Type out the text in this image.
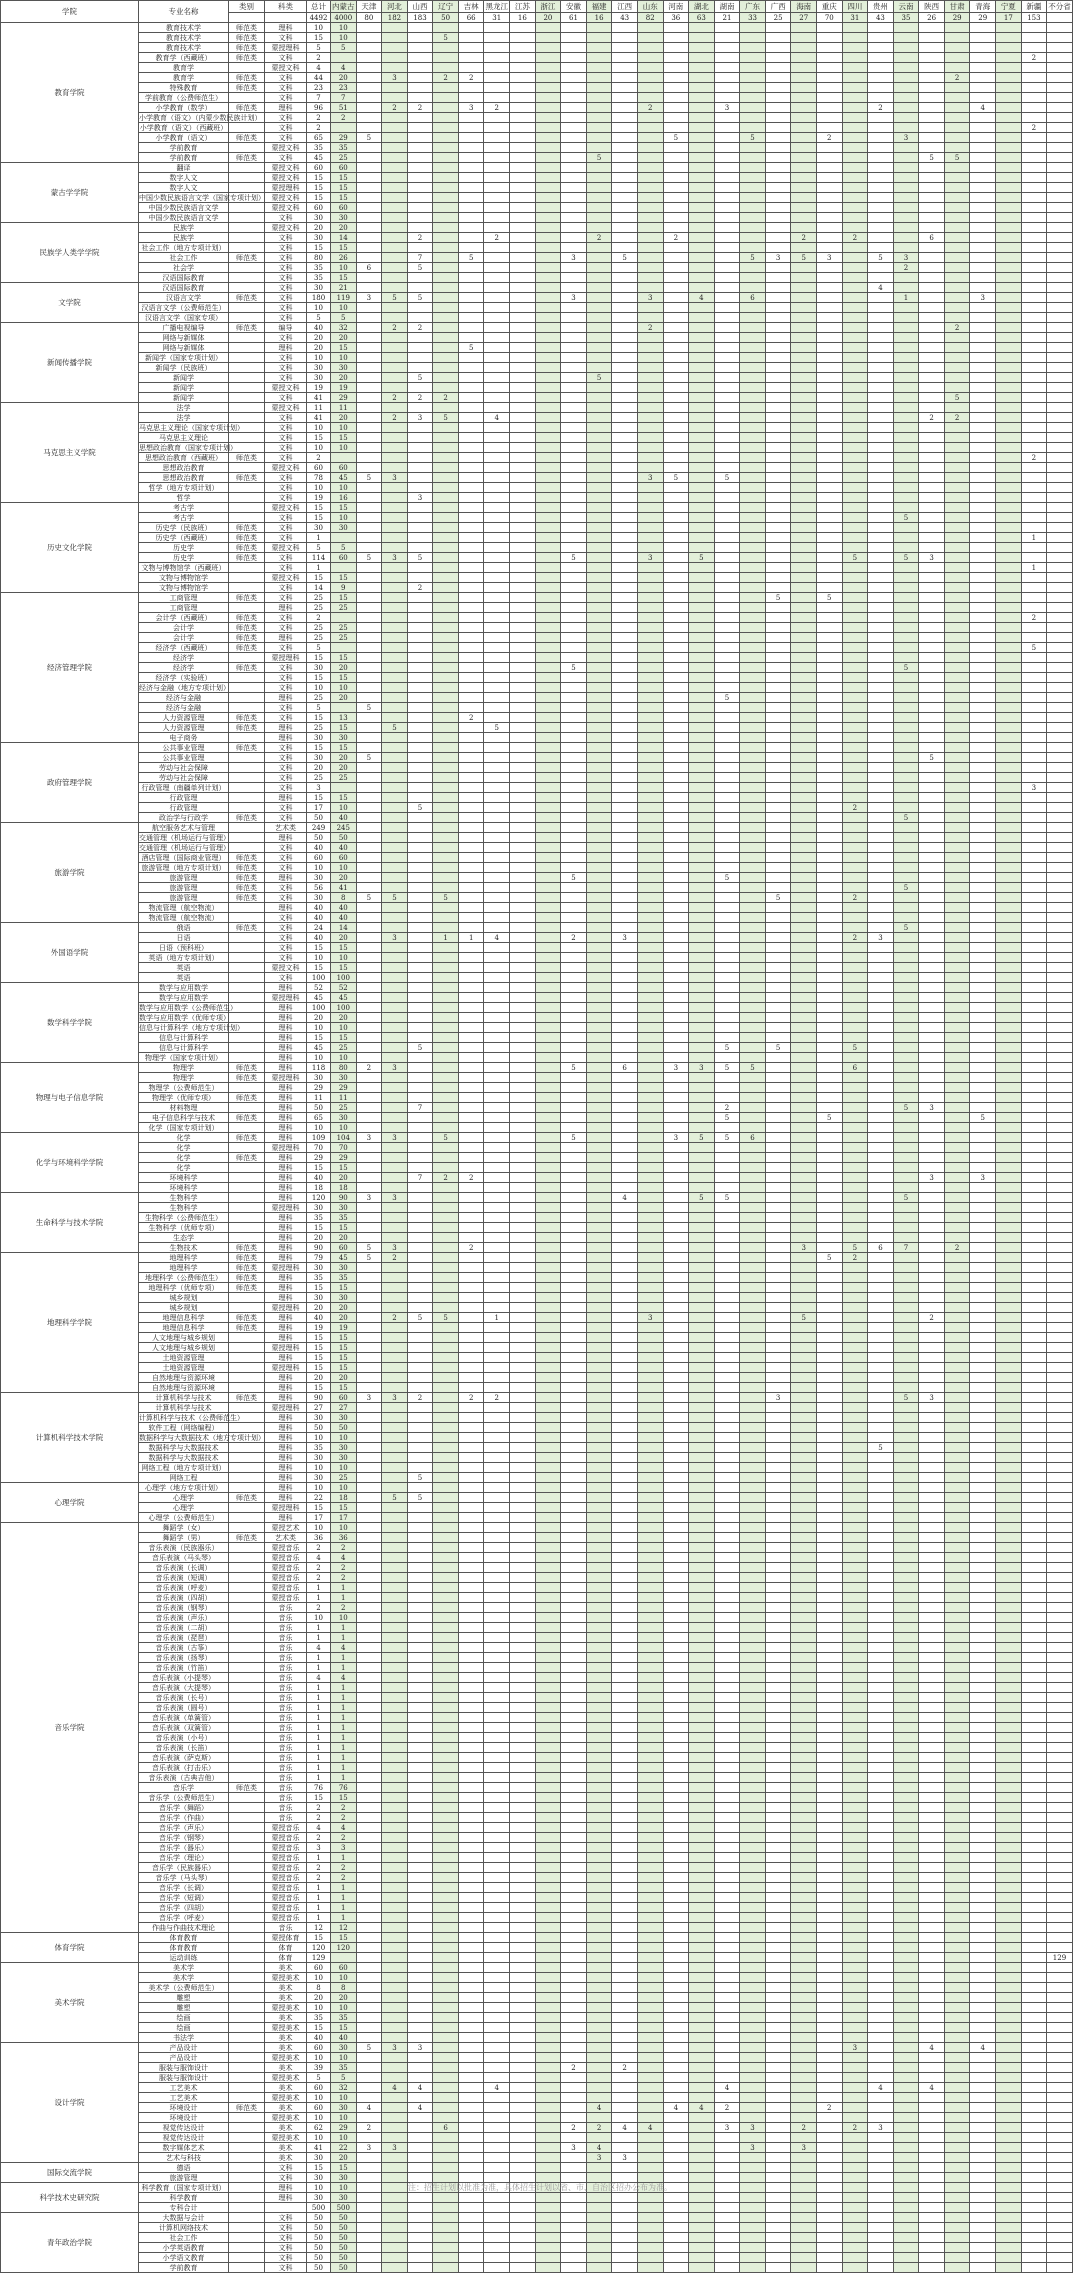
学院	专业名称	类别	科类	总计	内蒙古	天津	河北	山西	辽宁	吉林	黑龙江	江苏	浙江	安徽	福建	江西	山东	河南	湖北	湖南	广东	广西	海南	重庆	四川	贵州	云南	陕西	甘肃	青海	宁夏	新疆	不分省
				4492	4000	80	182	183	50	66	31	16	20	61	16	43	82	36	63	21	33	25	27	70	31	43	35	26	29	29	17	153	
教育学院	教育技术学	师范类	理科	10	10																												
	教育技术学	师范类	文科	15	10				5																								
	教育技术学	师范类	蒙授理科	5	5																												
	教育学（西藏班）	师范类	文科	2																												2	
	教育学		蒙授文科	4	4																												
	教育学	师范类	文科	44	20		3		2	2																			2				
	特殊教育	师范类	文科	23	23																												
	学前教育（公费师范生）		文科	7	7																												
	小学教育（数学）	师范类	理科	96	51		2	2		3	2						2			3						2				4			
	小学教育（语文）（内蒙少数民族计划）		文科	2	2																												
	小学教育（语文）（西藏班）		文科	2																												2	
	小学教育（语文）	师范类	文科	65	29	5												5			5			2			3						
	学前教育		蒙授文科	35	35																												
	学前教育	师范类	文科	45	25										5													5	5				
蒙古学学院	翻译		蒙授文科	60	60																												
	数字人文		蒙授文科	15	15																												
	数字人文		蒙授理科	15	15																												
	中国少数民族语言文学（国家专项计划）		蒙授文科	15	15																												
	中国少数民族语言文学		蒙授文科	60	60																												
	中国少数民族语言文学		文科	30	30																												
民族学人类学学院	民族学		蒙授文科	20	20																												
	民族学		文科	30	14			2			2				2			2					2		2			6					
	社会工作（地方专项计划）		文科	15	15																												
	社会工作	师范类	文科	80	26			7		5				3		5					5	3	5	3		5	3						
	社会学		文科	35	10	6		5																			2						
	汉语国际教育		文科	35	15																												
文学院	汉语国际教育		文科	30	21																					4							
	汉语言文学	师范类	文科	180	119	3	5	5						3			3		4		6						1			3			
	汉语言文学（公费师范生）		文科	10	10																												
	汉语言文学（国家专项）		文科	5	5																												
新闻传播学院	广播电视编导	师范类	编导	40	32		2	2									2												2				
	网络与新媒体		文科	20	20																												
	网络与新媒体		理科	20	15					5																							
	新闻学（国家专项计划）		文科	10	10																												
	新闻学（民族班）		文科	30	30																												
	新闻学		文科	30	20			5							5																		
	新闻学		蒙授文科	19	19																												
	新闻学		文科	41	29		2	2	2																				5				
马克思主义学院	法学		蒙授文科	11	11																												
	法学		文科	41	20		2	3	5		4																	2	2				
	马克思主义理论（国家专项计划）		文科	10	10																												
	马克思主义理论		文科	15	15																												
	思想政治教育（国家专项计划）		文科	10	10																												
	思想政治教育（西藏班）	师范类	文科	2																												2	
	思想政治教育		蒙授文科	60	60																												
	思想政治教育	师范类	文科	78	45	5	3										3	5		5													
	哲学（地方专项计划）		文科	10	10																												
	哲学		文科	19	16			3																									
历史文化学院	考古学		蒙授文科	15	15																												
	考古学		文科	15	10																						5						
	历史学（民族班）	师范类	文科	30	30																												
	历史学（西藏班）	师范类	文科	1																												1	
	历史学	师范类	蒙授文科	5	5																												
	历史学	师范类	文科	114	60	5	3	5						5			3		5						5		5	3					
	文物与博物馆学（西藏班）		文科	1																												1	
	文物与博物馆学		蒙授文科	15	15																												
	文物与博物馆学		文科	14	9			2																									
经济管理学院	工商管理	师范类	文科	25	15																	5		5									
	工商管理		理科	25	25																												
	会计学（西藏班）	师范类	文科	2																												2	
	会计学	师范类	文科	25	25																												
	会计学	师范类	理科	25	25																												
	经济学（西藏班）	师范类	文科	5																												5	
	经济学		蒙授理科	15	15																												
	经济学	师范类	文科	30	20									5													5						
	经济学（实验班）		文科	15	15																												
	经济与金融（地方专项计划）		文科	10	10																												
	经济与金融		理科	25	20															5													
	经济与金融		文科	5		5																											
	人力资源管理	师范类	文科	15	13					2																							
	人力资源管理	师范类	理科	25	15		5				5																						
	电子商务		理科	30	30																												
政府管理学院	公共事业管理	师范类	文科	15	15																												
	公共事业管理		文科	30	20	5																						5					
	劳动与社会保障		文科	20	20																												
	劳动与社会保障		文科	25	25																												
	行政管理（南疆单列计划）		文科	3																												3	
	行政管理		理科	15	15																												
	行政管理		文科	17	10			5																	2								
	政治学与行政学	师范类	文科	50	40																						5						
旅游学院	航空服务艺术与管理		艺术类	249	245																												
	交通管理（机场运行与管理）		理科	50	50																												
	交通管理（机场运行与管理）		文科	40	40																												
	酒店管理（国际商业管理）	师范类	文科	60	60																												
	旅游管理（地方专项计划）	师范类	文科	10	10																												
	旅游管理	师范类	理科	30	20									5						5													
	旅游管理	师范类	文科	56	41																						5						
	旅游管理	师范类	文科	30	8	5	5		5													5			2								
	物流管理（航空物流）		理科	40	40																												
	物流管理（航空物流）		文科	40	40																												
外国语学院	俄语	师范类	文科	24	14																						5						
	日语		文科	40	20		3		1	1	4			2		3									2	3							
	日语（预科班）		文科	15	15																												
	英语（地方专项计划）		文科	10	10																												
	英语		蒙授文科	15	15																												
	英语		文科	100	100																												
数学科学学院	数学与应用数学		理科	52	52																												
	数学与应用数学		蒙授理科	45	45																												
	数学与应用数学（公费师范生）		理科	100	100																												
	数学与应用数学（优师专项）		理科	20	20																												
	信息与计算科学（地方专项计划）		理科	10	10																												
	信息与计算科学		理科	15	15																												
	信息与计算科学		理科	45	25			5												5		5			5								
	物理学（国家专项计划）		理科	10	10																												
物理与电子信息学院	物理学	师范类	理科	118	80	2	3							5		6		3	3	5	5				6								
	物理学	师范类	蒙授理科	30	30																												
	物理学（公费师范生）		理科	29	29																												
	物理学（优师专项）	师范类	理科	11	11																												
	材料物理		理科	50	25			7												2							5	3					
	电子信息科学与技术	师范类	理科	65	30															5				5						5			
	化学（国家专项计划）		理科	10	10																												
化学与环境科学学院	化学	师范类	理科	109	104	3	3		5					5				3	5	5	6												
	化学		蒙授理科	70	70																												
	化学	师范类	理科	29	29																												
	化学		理科	15	15																												
	环境科学		理科	40	20			7	2	2																		3		3			
	环境科学		理科	18	18																												
生命科学与技术学院	生物科学		理科	120	90	3	3									4			5	5							5						
	生物科学		蒙授理科	30	30																												
	生物科学（公费师范生）		理科	35	35																												
	生物科学（优师专项）		理科	15	15																												
	生态学		理科	20	20																												
	生物技术	师范类	理科	90	60	5	3			2													3		5	6	7		2				
地理科学学院	地理科学	师范类	理科	79	45	5	2																	5	2								
	地理科学	师范类	蒙授理科	30	30																												
	地理科学（公费师范生）	师范类	理科	35	35																												
	地理科学（优师专项）	师范类	理科	15	15																												
	城乡规划		理科	30	30																												
	城乡规划		蒙授理科	20	20																												
	地理信息科学	师范类	理科	40	20		2	5	5		1						3						5					2					
	地理信息科学	师范类	理科	19	19																												
	人文地理与城乡规划		理科	15	15																												
	人文地理与城乡规划		蒙授理科	15	15																												
	土地资源管理		理科	15	15																												
	土地资源管理		蒙授理科	15	15																												
	自然地理与资源环境		理科	20	20																												
	自然地理与资源环境		理科	15	15																												
计算机科学技术学院	计算机科学与技术	师范类	理科	90	60	3	3	2		2	2											3					5	3					
	计算机科学与技术		蒙授理科	27	27																												
	计算机科学与技术（公费师范生）		理科	30	30																												
	软件工程（网络编程）		理科	50	50																												
	数据科学与大数据技术（地方专项计划）		理科	10	10																												
	数据科学与大数据技术		理科	35	30																					5							
	数据科学与大数据技术		理科	30	30																												
	网络工程（地方专项计划）		理科	10	10																												
	网络工程		理科	30	25			5																									
心理学院	心理学（地方专项计划）		理科	10	10																												
	心理学	师范类	理科	22	18		5	5																									
	心理学		蒙授理科	15	15																												
	心理学（公费师范生）		理科	17	17																												
音乐学院	舞蹈学（女）		蒙授艺术	10	10																												
	舞蹈学（男）	师范类	艺术类	36	36																												
	音乐表演（民族器乐）		蒙授音乐	2	2																												
	音乐表演（马头琴）		蒙授音乐	4	4																												
	音乐表演（长调）		蒙授音乐	2	2																												
	音乐表演（短调）		蒙授音乐	2	2																												
	音乐表演（呼麦）		蒙授音乐	1	1																												
	音乐表演（四胡）		蒙授音乐	1	1																												
	音乐表演（钢琴）		音乐	2	2																												
	音乐表演（声乐）		音乐	10	10																												
	音乐表演（二胡）		音乐	1	1																												
	音乐表演（琵琶）		音乐	1	1																												
	音乐表演（古筝）		音乐	4	4																												
	音乐表演（扬琴）		音乐	1	1																												
	音乐表演（竹笛）		音乐	1	1																												
	音乐表演（小提琴）		音乐	4	4																												
	音乐表演（大提琴）		音乐	1	1																												
	音乐表演（长号）		音乐	1	1																												
	音乐表演（圆号）		音乐	1	1																												
	音乐表演（单簧管）		音乐	1	1																												
	音乐表演（双簧管）		音乐	1	1																												
	音乐表演（小号）		音乐	1	1																												
	音乐表演（长笛）		音乐	1	1																												
	音乐表演（萨克斯）		音乐	1	1																												
	音乐表演（打击乐）		音乐	1	1																												
	音乐表演（古典吉他）		音乐	1	1																												
	音乐学	师范类	音乐	76	76																												
	音乐学（公费师范生）		音乐	15	15																												
	音乐学（舞蹈）		音乐	2	2																												
	音乐学（作曲）		音乐	2	2																												
	音乐学（声乐）		蒙授音乐	4	4																												
	音乐学（钢琴）		蒙授音乐	2	2																												
	音乐学（器乐）		蒙授音乐	3	3																												
	音乐学（理论）		蒙授音乐	1	1																												
	音乐学（民族器乐）		蒙授音乐	2	2																												
	音乐学（马头琴）		蒙授音乐	2	2																												
	音乐学（长调）		蒙授音乐	1	1																												
	音乐学（短调）		蒙授音乐	1	1																												
	音乐学（四胡）		蒙授音乐	1	1																												
	音乐学（呼麦）		蒙授音乐	1	1																												
	作曲与作曲技术理论		音乐	12	12																												
体育学院	体育教育		蒙授体育	15	15																												
	体育教育		体育	120	120																												
	运动训练		体育	129																													129
美术学院	美术学		美术	60	60																												
	美术学		蒙授美术	10	10																												
	美术学（公费师范生）		美术	8	8																												
	雕塑		美术	20	20																												
	雕塑		蒙授美术	10	10																												
	绘画		美术	35	35																												
	绘画		蒙授美术	15	15																												
	书法学		美术	40	40																												
设计学院	产品设计		美术	60	30	5	3	3																	3			4		4			
	产品设计		蒙授美术	10	10																												
	服装与服饰设计		美术	39	35									2		2																	
	服装与服饰设计		蒙授美术	5	5																												
	工艺美术		美术	60	32		4	4			4									4						4		4					
	工艺美术		蒙授美术	10	10																												
	环境设计	师范类	美术	60	30	4		4							4			4	4	2				2									
	环境设计		蒙授美术	10	10																												
	视觉传达设计		美术	62	29	2			6					2	2	4	4			3	3		2		2	3							
	视觉传达设计		蒙授美术	10	10																												
	数字媒体艺术		美术	41	22	3	3							3	4						3		3										
	艺术与科技		美术	30	20										3	3																	
国际交流学院	德语		文科	15	15																												
	旅游管理		文科	30	30																												
科学技术史研究院	科学教育（国家专项计划）		理科	10	10																												
	科学教育		理科	30	30																												
	专科合计			500	500																												
青年政治学院	大数据与会计		文科	50	50																												
	计算机网络技术		文科	50	50																												
	社会工作		文科	50	50																												
	小学英语教育		文科	50	50																												
	小学语文教育		文科	50	50																												
	学前教育		文科	50	50																												
注：招生计划以批准为准，具体招生计划以省、市、自治区招办公布为准。
